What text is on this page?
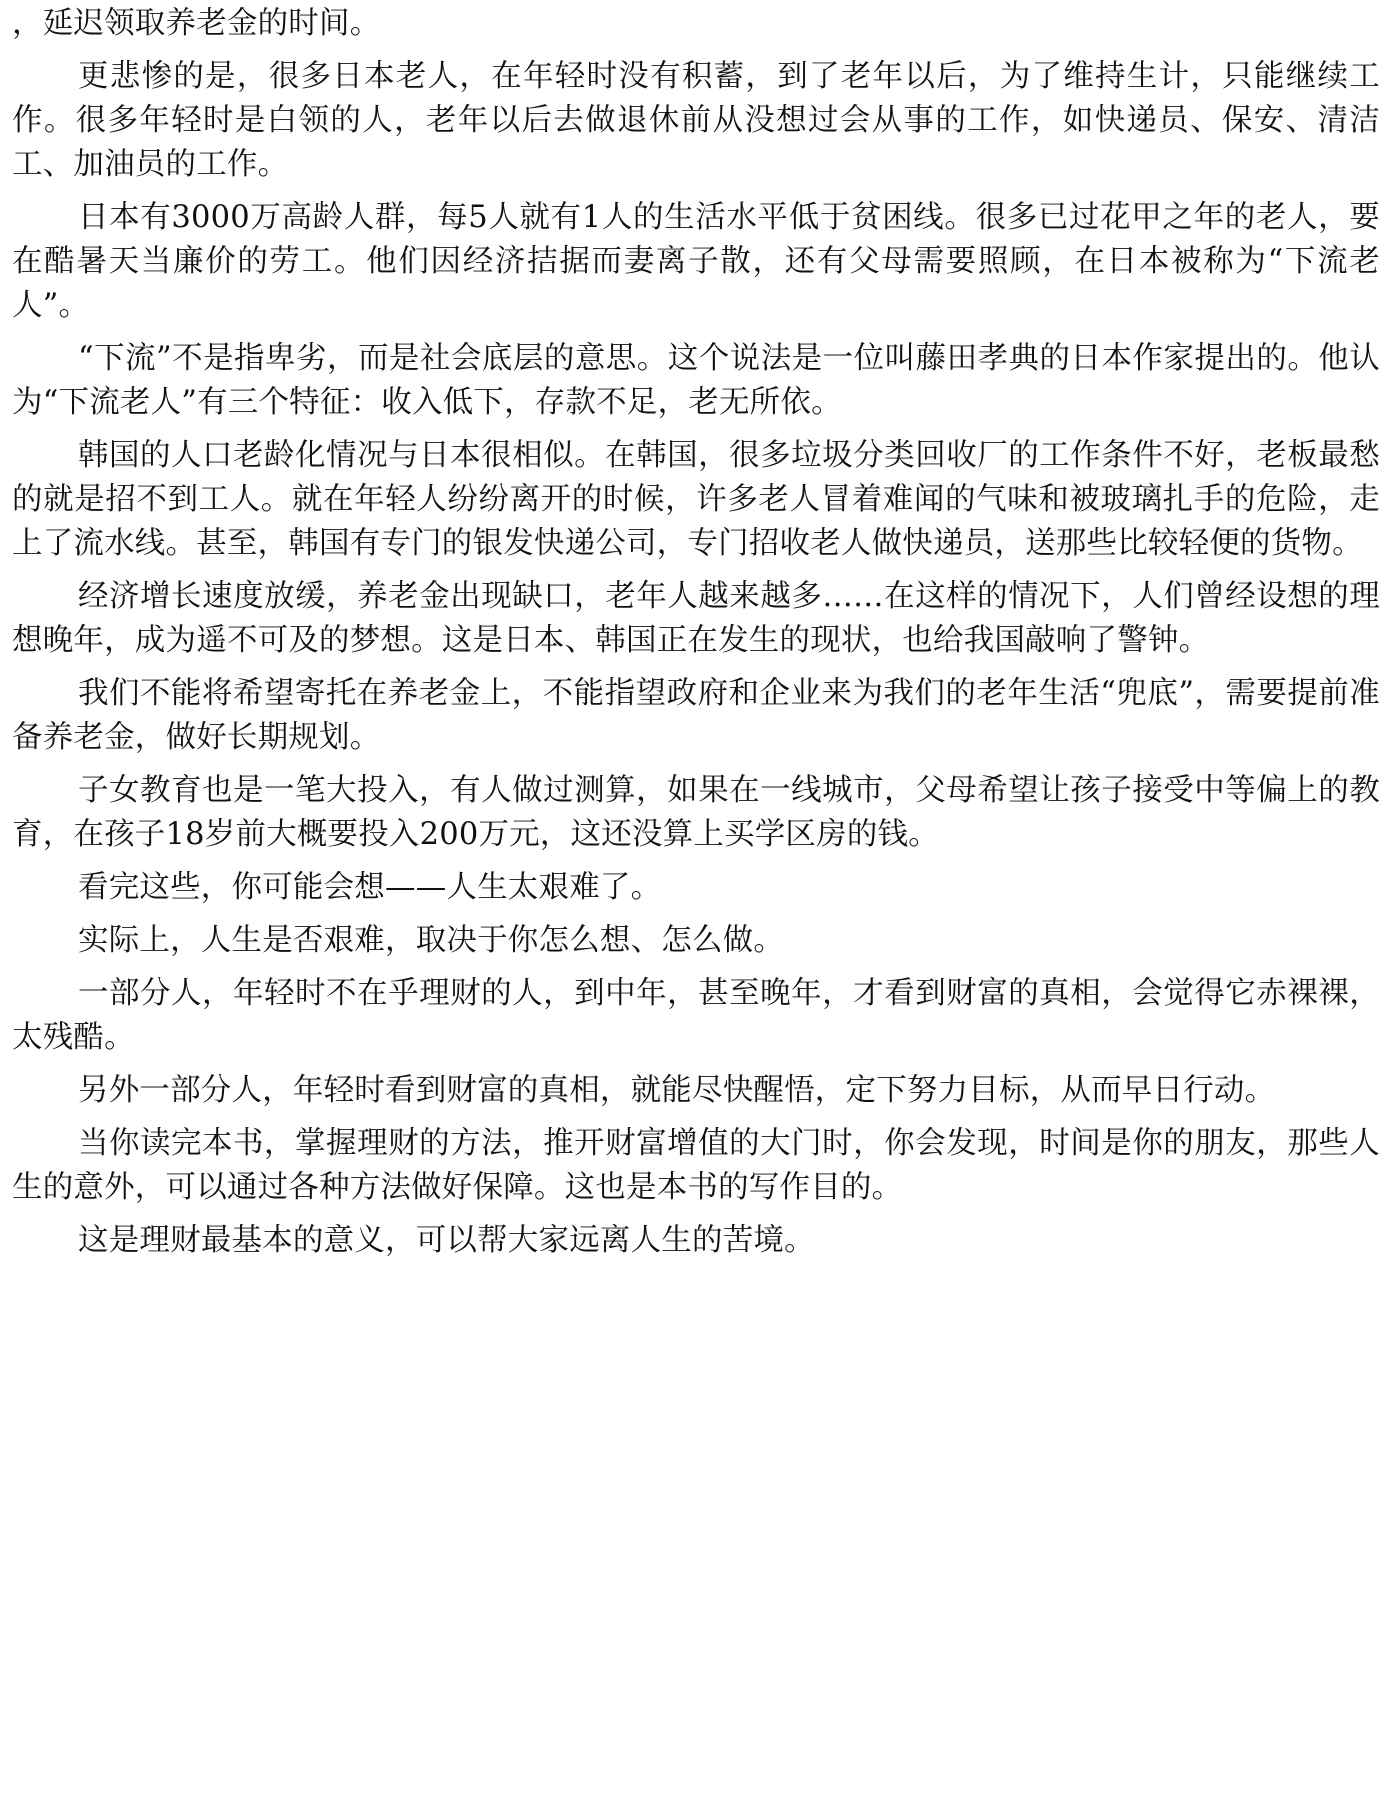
，延迟领取养老金的时间。

更悲惨的是，很多日本老人，在年轻时没有积蓄，到了老年以后，为了维持生计，只能继续工作。很多年轻时是白领的人，老年以后去做退休前从没想过会从事的工作，如快递员、保安、清洁工、加油员的工作。

日本有3000万高龄人群，每5人就有1人的生活水平低于贫困线。很多已过花甲之年的老人，要在酷暑天当廉价的劳工。他们因经济拮据而妻离子散，还有父母需要照顾，在日本被称为“下流老人”。

“下流”不是指卑劣，而是社会底层的意思。这个说法是一位叫藤田孝典的日本作家提出的。他认为“下流老人”有三个特征：收入低下，存款不足，老无所依。

韩国的人口老龄化情况与日本很相似。在韩国，很多垃圾分类回收厂的工作条件不好，老板最愁的就是招不到工人。就在年轻人纷纷离开的时候，许多老人冒着难闻的气味和被玻璃扎手的危险，走上了流水线。甚至，韩国有专门的银发快递公司，专门招收老人做快递员，送那些比较轻便的货物。

经济增长速度放缓，养老金出现缺口，老年人越来越多……在这样的情况下，人们曾经设想的理想晚年，成为遥不可及的梦想。这是日本、韩国正在发生的现状，也给我国敲响了警钟。

我们不能将希望寄托在养老金上，不能指望政府和企业来为我们的老年生活“兜底”，需要提前准备养老金，做好长期规划。

子女教育也是一笔大投入，有人做过测算，如果在一线城市，父母希望让孩子接受中等偏上的教育，在孩子18岁前大概要投入200万元，这还没算上买学区房的钱。

看完这些，你可能会想——人生太艰难了。

实际上，人生是否艰难，取决于你怎么想、怎么做。

一部分人，年轻时不在乎理财的人，到中年，甚至晚年，才看到财富的真相，会觉得它赤裸裸，太残酷。

另外一部分人，年轻时看到财富的真相，就能尽快醒悟，定下努力目标，从而早日行动。

当你读完本书，掌握理财的方法，推开财富增值的大门时，你会发现，时间是你的朋友，那些人生的意外，可以通过各种方法做好保障。这也是本书的写作目的。

这是理财最基本的意义，可以帮大家远离人生的苦境。
